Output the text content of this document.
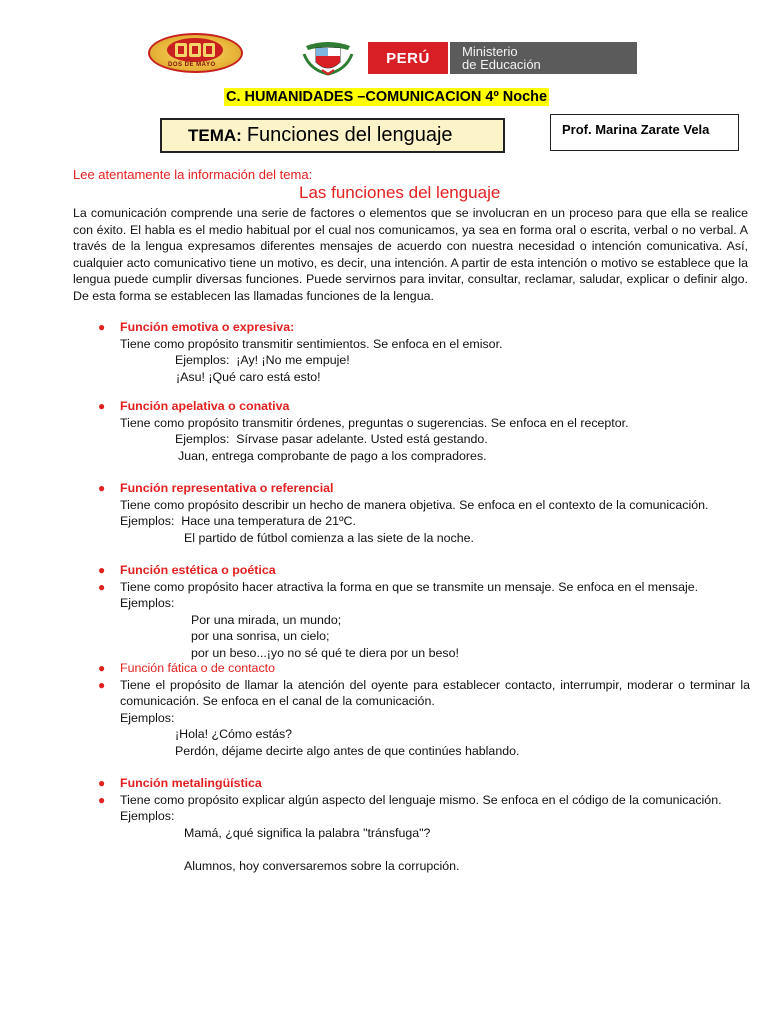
DOS DE MAYO	PERÚ	Ministerio
de Educación
C. HUMANIDADES –COMUNICACION 4º Noche
TEMA: Funciones del lenguaje	Prof. Marina Zarate Vela
Lee atentamente la información del tema:
Las funciones del lenguaje

La comunicación comprende una serie de factores o elementos que se involucran en un proceso para que ella se realice con éxito. El habla es el medio habitual por el cual nos comunicamos, ya sea en forma oral o escrita, verbal o no verbal. A través de la lengua expresamos diferentes mensajes de acuerdo con nuestra necesidad o intención comunicativa. Así, cualquier acto comunicativo tiene un motivo, es decir, una intención. A partir de esta intención o motivo se establece que la lengua puede cumplir diversas funciones. Puede servirnos para invitar, consultar, reclamar, saludar, explicar o definir algo. De esta forma se establecen las llamadas funciones de la lengua.

● Función emotiva o expresiva:
Tiene como propósito transmitir sentimientos. Se enfoca en el emisor.
Ejemplos: ¡Ay! ¡No me empuje!
¡Asu! ¡Qué caro está esto!
● Función apelativa o conativa
Tiene como propósito transmitir órdenes, preguntas o sugerencias. Se enfoca en el receptor.
Ejemplos: Sírvase pasar adelante. Usted está gestando.
Juan, entrega comprobante de pago a los compradores.
● Función representativa o referencial
Tiene como propósito describir un hecho de manera objetiva. Se enfoca en el contexto de la comunicación.
Ejemplos: Hace una temperatura de 21ºC.
El partido de fútbol comienza a las siete de la noche.
● Función estética o poética
● Tiene como propósito hacer atractiva la forma en que se transmite un mensaje. Se enfoca en el mensaje.
Ejemplos:
Por una mirada, un mundo;
por una sonrisa, un cielo;
por un beso...¡yo no sé qué te diera por un beso!
● Función fática o de contacto
● Tiene el propósito de llamar la atención del oyente para establecer contacto, interrumpir, moderar o terminar la comunicación. Se enfoca en el canal de la comunicación.
Ejemplos:
¡Hola! ¿Cómo estás?
Perdón, déjame decirte algo antes de que continúes hablando.
● Función metalingüística
● Tiene como propósito explicar algún aspecto del lenguaje mismo. Se enfoca en el código de la comunicación.
Ejemplos:
Mamá, ¿qué significa la palabra "tránsfuga"?
Alumnos, hoy conversaremos sobre la corrupción.
